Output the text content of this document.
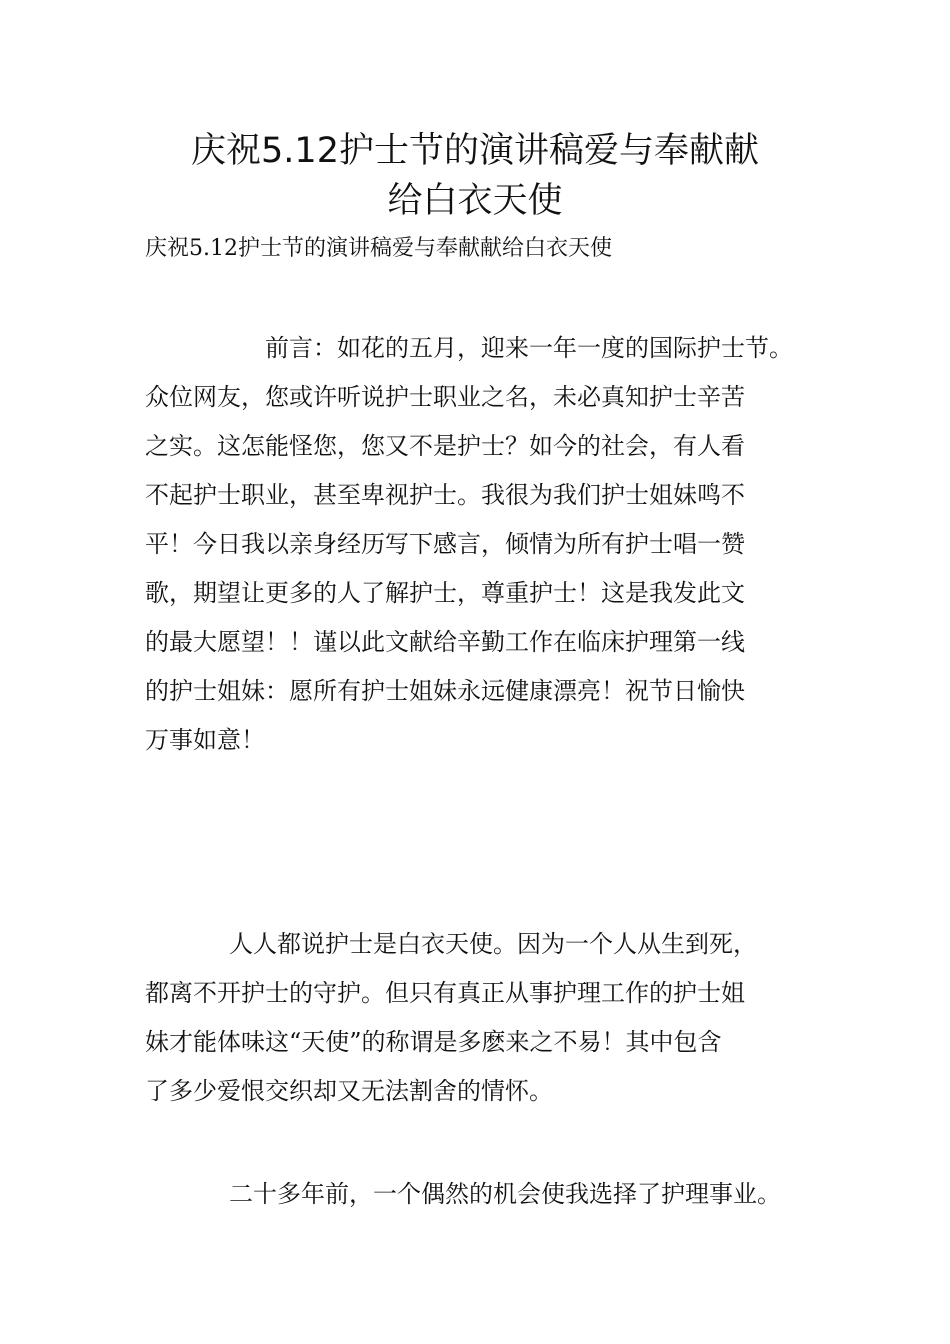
庆祝5.12护士节的演讲稿爱与奉献献
给白衣天使

庆祝5.12护士节的演讲稿爱与奉献献给白衣天使

前言：如花的五月，迎来一年一度的国际护士节。
众位网友，您或许听说护士职业之名，未必真知护士辛苦
之实。这怎能怪您，您又不是护士？如今的社会，有人看
不起护士职业，甚至卑视护士。我很为我们护士姐妹鸣不
平！今日我以亲身经历写下感言，倾情为所有护士唱一赞
歌，期望让更多的人了解护士，尊重护士！这是我发此文
的最大愿望！！谨以此文献给辛勤工作在临床护理第一线
的护士姐妹：愿所有护士姐妹永远健康漂亮！祝节日愉快
万事如意！
人人都说护士是白衣天使。因为一个人从生到死，
都离不开护士的守护。但只有真正从事护理工作的护士姐
妹才能体味这“天使”的称谓是多麽来之不易！其中包含
了多少爱恨交织却又无法割舍的情怀。
二十多年前，一个偶然的机会使我选择了护理事业。
